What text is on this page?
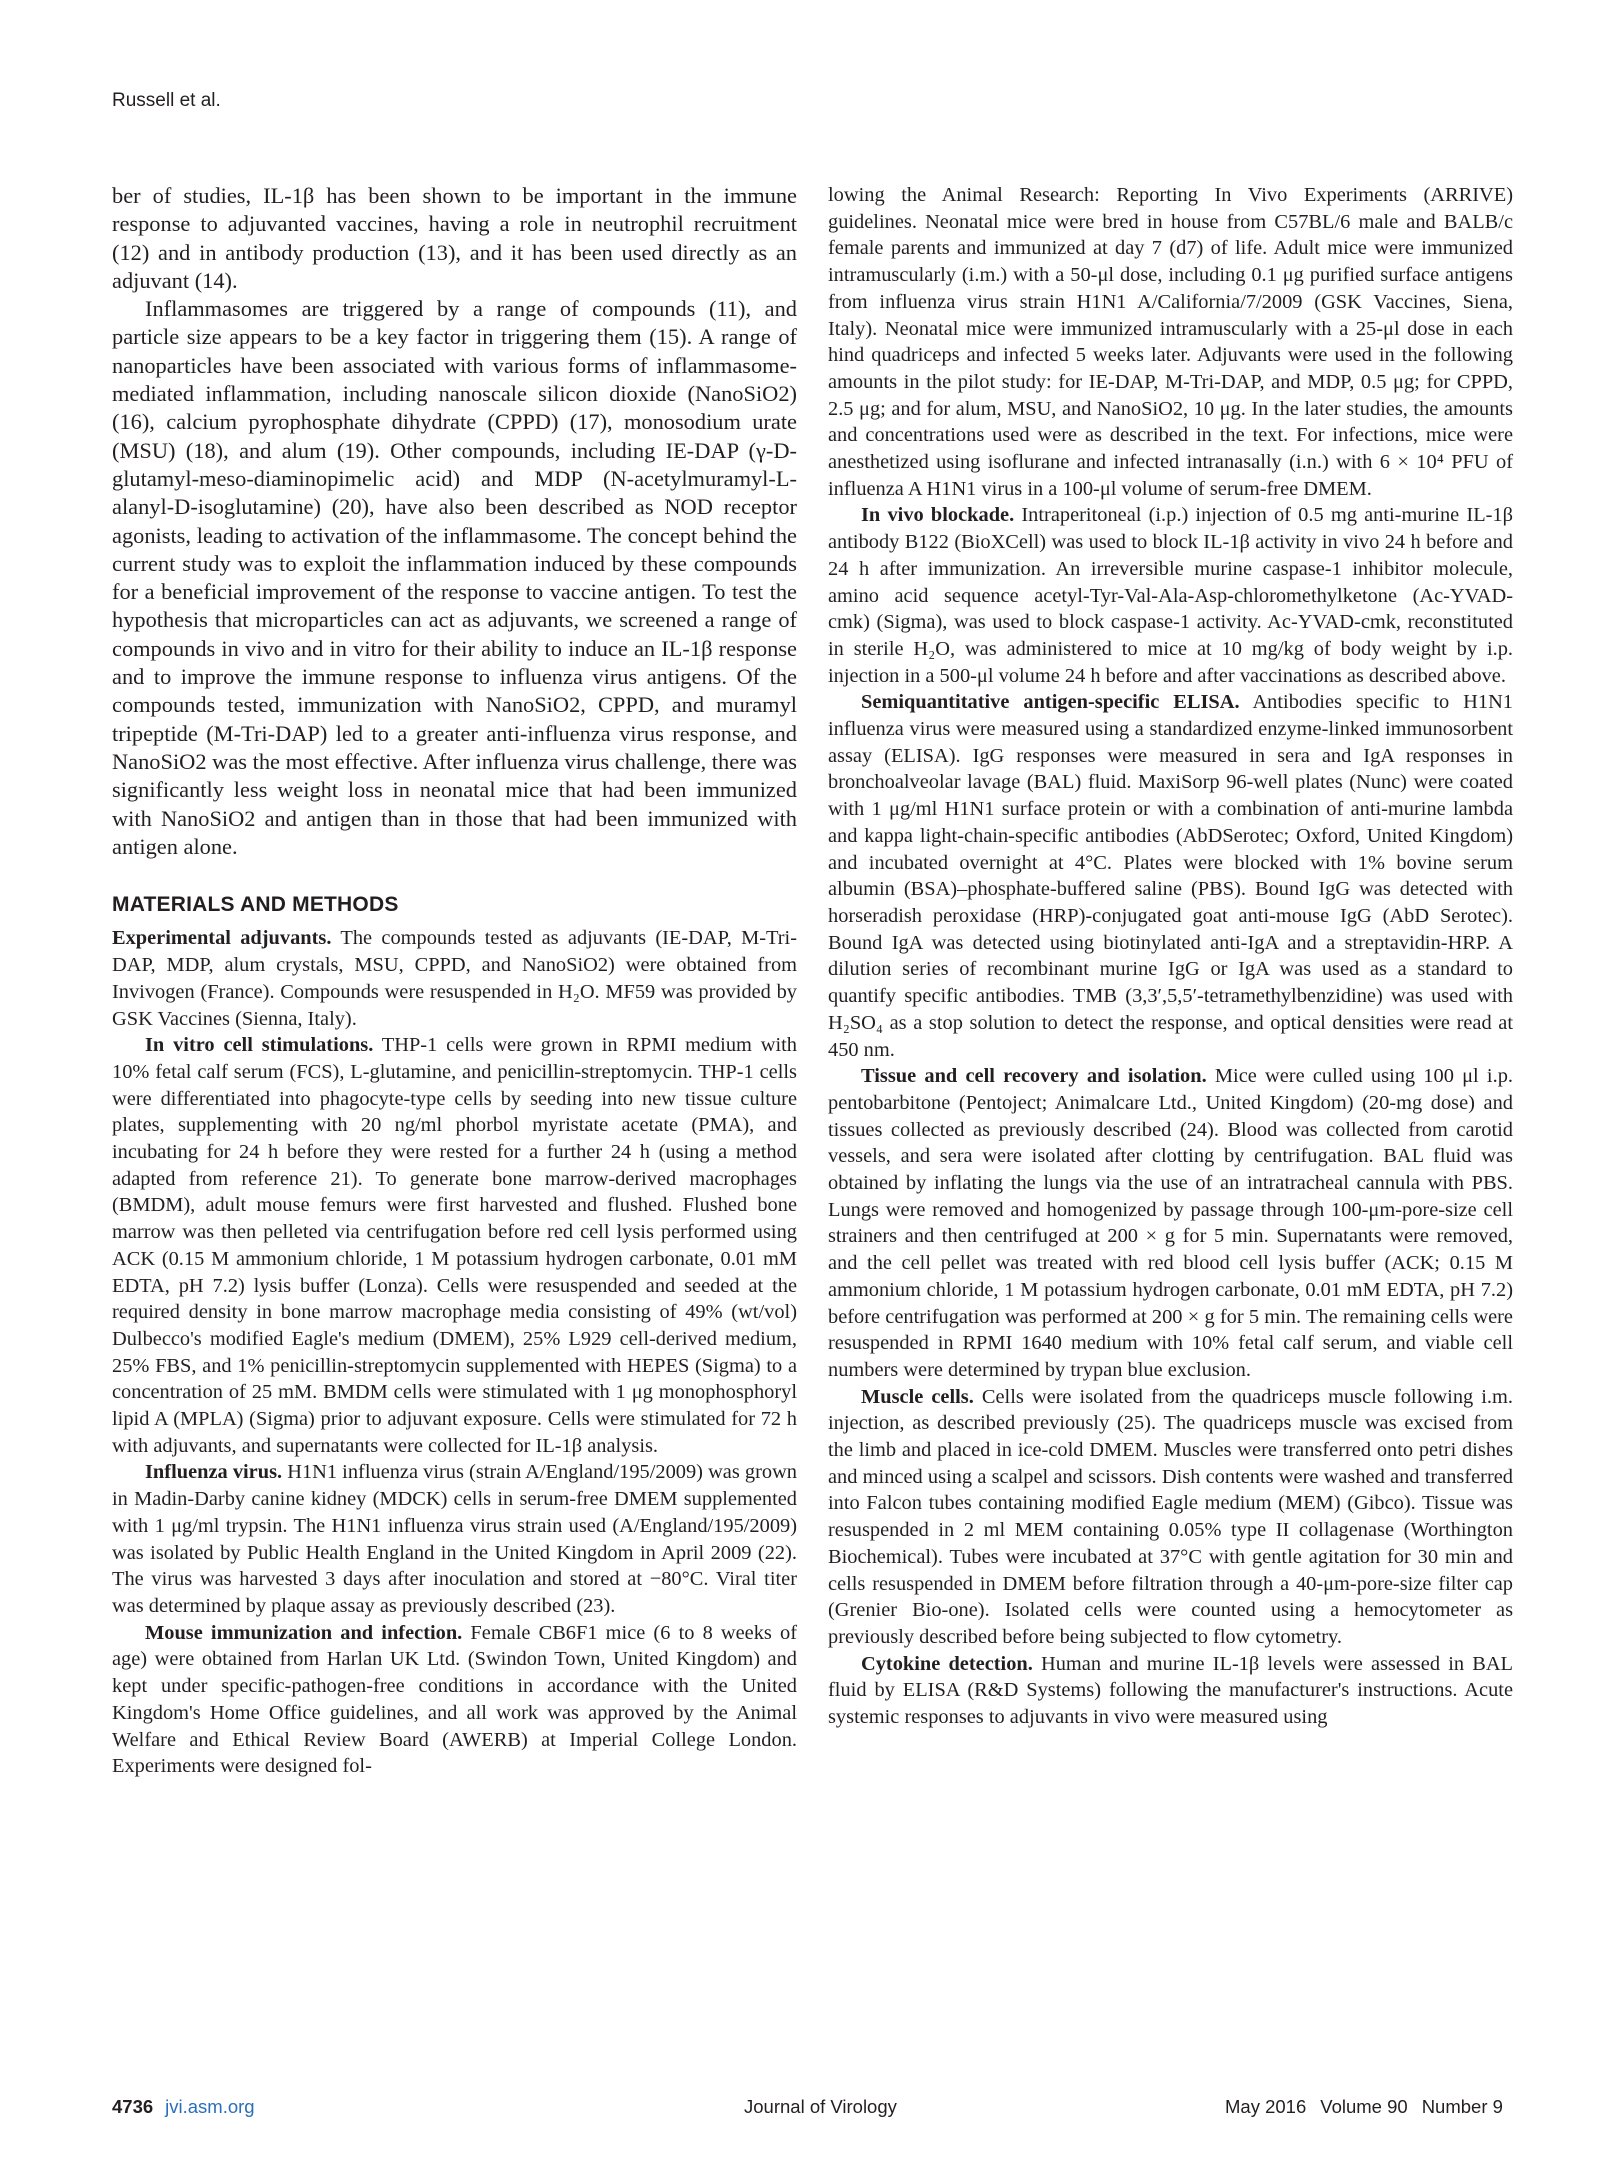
Russell et al.

ber of studies, IL-1β has been shown to be important in the immune response to adjuvanted vaccines, having a role in neutrophil recruitment (12) and in antibody production (13), and it has been used directly as an adjuvant (14).

Inflammasomes are triggered by a range of compounds (11), and particle size appears to be a key factor in triggering them (15). A range of nanoparticles have been associated with various forms of inflammasome-mediated inflammation, including nanoscale silicon dioxide (NanoSiO2) (16), calcium pyrophosphate dihydrate (CPPD) (17), monosodium urate (MSU) (18), and alum (19). Other compounds, including IE-DAP (γ-D-glutamyl-meso-diaminopimelic acid) and MDP (N-acetylmuramyl-L-alanyl-D-isoglutamine) (20), have also been described as NOD receptor agonists, leading to activation of the inflammasome. The concept behind the current study was to exploit the inflammation induced by these compounds for a beneficial improvement of the response to vaccine antigen. To test the hypothesis that microparticles can act as adjuvants, we screened a range of compounds in vivo and in vitro for their ability to induce an IL-1β response and to improve the immune response to influenza virus antigens. Of the compounds tested, immunization with NanoSiO2, CPPD, and muramyl tripeptide (M-Tri-DAP) led to a greater anti-influenza virus response, and NanoSiO2 was the most effective. After influenza virus challenge, there was significantly less weight loss in neonatal mice that had been immunized with NanoSiO2 and antigen than in those that had been immunized with antigen alone.

MATERIALS AND METHODS

Experimental adjuvants. The compounds tested as adjuvants (IE-DAP, M-Tri-DAP, MDP, alum crystals, MSU, CPPD, and NanoSiO2) were obtained from Invivogen (France). Compounds were resuspended in H₂O. MF59 was provided by GSK Vaccines (Sienna, Italy).

In vitro cell stimulations. THP-1 cells were grown in RPMI medium with 10% fetal calf serum (FCS), L-glutamine, and penicillin-streptomycin. THP-1 cells were differentiated into phagocyte-type cells by seeding into new tissue culture plates, supplementing with 20 ng/ml phorbol myristate acetate (PMA), and incubating for 24 h before they were rested for a further 24 h (using a method adapted from reference 21). To generate bone marrow-derived macrophages (BMDM), adult mouse femurs were first harvested and flushed. Flushed bone marrow was then pelleted via centrifugation before red cell lysis performed using ACK (0.15 M ammonium chloride, 1 M potassium hydrogen carbonate, 0.01 mM EDTA, pH 7.2) lysis buffer (Lonza). Cells were resuspended and seeded at the required density in bone marrow macrophage media consisting of 49% (wt/vol) Dulbecco's modified Eagle's medium (DMEM), 25% L929 cell-derived medium, 25% FBS, and 1% penicillin-streptomycin supplemented with HEPES (Sigma) to a concentration of 25 mM. BMDM cells were stimulated with 1 μg monophosphoryl lipid A (MPLA) (Sigma) prior to adjuvant exposure. Cells were stimulated for 72 h with adjuvants, and supernatants were collected for IL-1β analysis.

Influenza virus. H1N1 influenza virus (strain A/England/195/2009) was grown in Madin-Darby canine kidney (MDCK) cells in serum-free DMEM supplemented with 1 μg/ml trypsin. The H1N1 influenza virus strain used (A/England/195/2009) was isolated by Public Health England in the United Kingdom in April 2009 (22). The virus was harvested 3 days after inoculation and stored at −80°C. Viral titer was determined by plaque assay as previously described (23).

Mouse immunization and infection. Female CB6F1 mice (6 to 8 weeks of age) were obtained from Harlan UK Ltd. (Swindon Town, United Kingdom) and kept under specific-pathogen-free conditions in accordance with the United Kingdom's Home Office guidelines, and all work was approved by the Animal Welfare and Ethical Review Board (AWERB) at Imperial College London. Experiments were designed fol-

lowing the Animal Research: Reporting In Vivo Experiments (ARRIVE) guidelines. Neonatal mice were bred in house from C57BL/6 male and BALB/c female parents and immunized at day 7 (d7) of life. Adult mice were immunized intramuscularly (i.m.) with a 50-μl dose, including 0.1 μg purified surface antigens from influenza virus strain H1N1 A/California/7/2009 (GSK Vaccines, Siena, Italy). Neonatal mice were immunized intramuscularly with a 25-μl dose in each hind quadriceps and infected 5 weeks later. Adjuvants were used in the following amounts in the pilot study: for IE-DAP, M-Tri-DAP, and MDP, 0.5 μg; for CPPD, 2.5 μg; and for alum, MSU, and NanoSiO2, 10 μg. In the later studies, the amounts and concentrations used were as described in the text. For infections, mice were anesthetized using isoflurane and infected intranasally (i.n.) with 6 × 10⁴ PFU of influenza A H1N1 virus in a 100-μl volume of serum-free DMEM.

In vivo blockade. Intraperitoneal (i.p.) injection of 0.5 mg anti-murine IL-1β antibody B122 (BioXCell) was used to block IL-1β activity in vivo 24 h before and 24 h after immunization. An irreversible murine caspase-1 inhibitor molecule, amino acid sequence acetyl-Tyr-Val-Ala-Asp-chloromethylketone (Ac-YVAD-cmk) (Sigma), was used to block caspase-1 activity. Ac-YVAD-cmk, reconstituted in sterile H₂O, was administered to mice at 10 mg/kg of body weight by i.p. injection in a 500-μl volume 24 h before and after vaccinations as described above.

Semiquantitative antigen-specific ELISA. Antibodies specific to H1N1 influenza virus were measured using a standardized enzyme-linked immunosorbent assay (ELISA). IgG responses were measured in sera and IgA responses in bronchoalveolar lavage (BAL) fluid. MaxiSorp 96-well plates (Nunc) were coated with 1 μg/ml H1N1 surface protein or with a combination of anti-murine lambda and kappa light-chain-specific antibodies (AbDSerotec; Oxford, United Kingdom) and incubated overnight at 4°C. Plates were blocked with 1% bovine serum albumin (BSA)–phosphate-buffered saline (PBS). Bound IgG was detected with horseradish peroxidase (HRP)-conjugated goat anti-mouse IgG (AbD Serotec). Bound IgA was detected using biotinylated anti-IgA and a streptavidin-HRP. A dilution series of recombinant murine IgG or IgA was used as a standard to quantify specific antibodies. TMB (3,3′,5,5′-tetramethylbenzidine) was used with H₂SO₄ as a stop solution to detect the response, and optical densities were read at 450 nm.

Tissue and cell recovery and isolation. Mice were culled using 100 μl i.p. pentobarbitone (Pentoject; Animalcare Ltd., United Kingdom) (20-mg dose) and tissues collected as previously described (24). Blood was collected from carotid vessels, and sera were isolated after clotting by centrifugation. BAL fluid was obtained by inflating the lungs via the use of an intratracheal cannula with PBS. Lungs were removed and homogenized by passage through 100-μm-pore-size cell strainers and then centrifuged at 200 × g for 5 min. Supernatants were removed, and the cell pellet was treated with red blood cell lysis buffer (ACK; 0.15 M ammonium chloride, 1 M potassium hydrogen carbonate, 0.01 mM EDTA, pH 7.2) before centrifugation was performed at 200 × g for 5 min. The remaining cells were resuspended in RPMI 1640 medium with 10% fetal calf serum, and viable cell numbers were determined by trypan blue exclusion.

Muscle cells. Cells were isolated from the quadriceps muscle following i.m. injection, as described previously (25). The quadriceps muscle was excised from the limb and placed in ice-cold DMEM. Muscles were transferred onto petri dishes and minced using a scalpel and scissors. Dish contents were washed and transferred into Falcon tubes containing modified Eagle medium (MEM) (Gibco). Tissue was resuspended in 2 ml MEM containing 0.05% type II collagenase (Worthington Biochemical). Tubes were incubated at 37°C with gentle agitation for 30 min and cells resuspended in DMEM before filtration through a 40-μm-pore-size filter cap (Grenier Bio-one). Isolated cells were counted using a hemocytometer as previously described before being subjected to flow cytometry.

Cytokine detection. Human and murine IL-1β levels were assessed in BAL fluid by ELISA (R&D Systems) following the manufacturer's instructions. Acute systemic responses to adjuvants in vivo were measured using

4736 jvi.asm.org	Journal of Virology	May 2016 Volume 90 Number 9
